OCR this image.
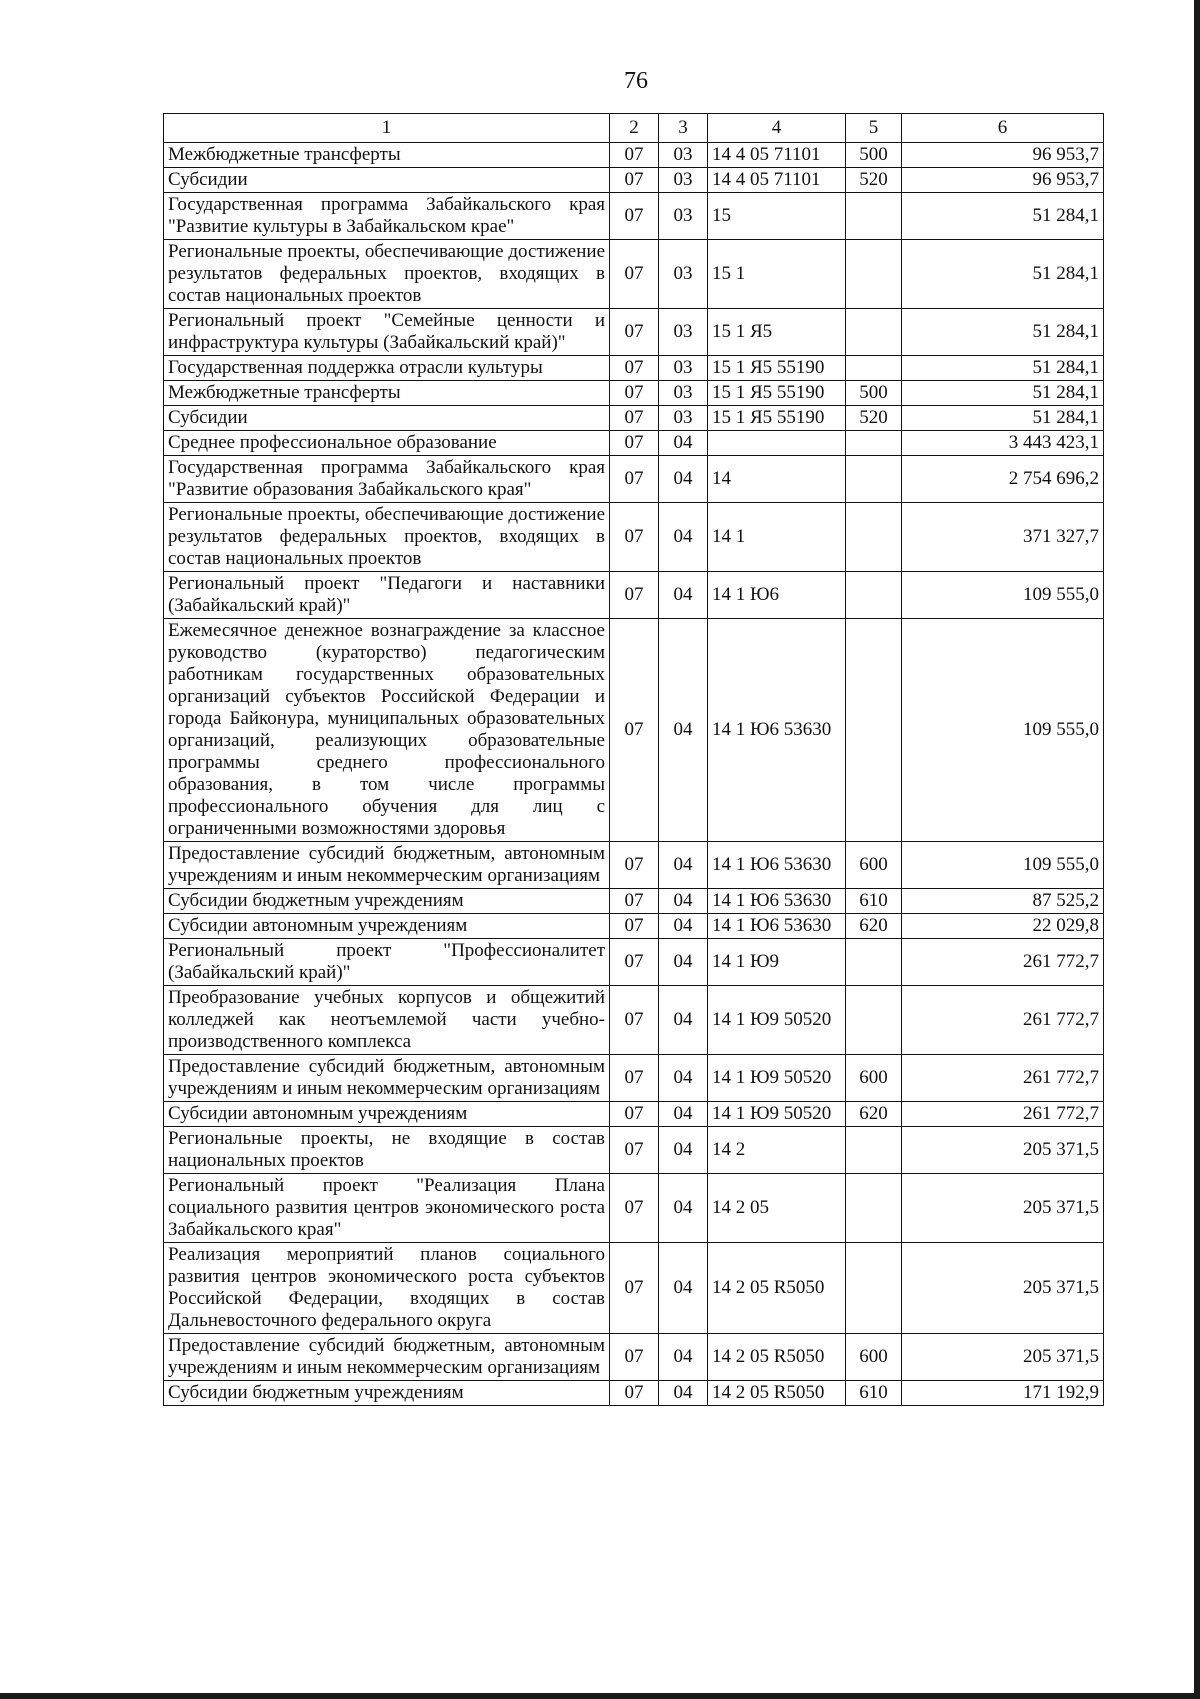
76
1	2	3	4	5	6
Межбюджетные трансферты	07	03	14 4 05 71101	500	96 953,7
Субсидии	07	03	14 4 05 71101	520	96 953,7
Государственная программа Забайкальского края "Развитие культуры в Забайкальском крае"	07	03	15		51 284,1
Региональные проекты, обеспечивающие достижение результатов федеральных проектов, входящих в состав национальных проектов	07	03	15 1		51 284,1
Региональный проект "Семейные ценности и инфраструктура культуры (Забайкальский край)"	07	03	15 1 Я5		51 284,1
Государственная поддержка отрасли культуры	07	03	15 1 Я5 55190		51 284,1
Межбюджетные трансферты	07	03	15 1 Я5 55190	500	51 284,1
Субсидии	07	03	15 1 Я5 55190	520	51 284,1
Среднее профессиональное образование	07	04			3 443 423,1
Государственная программа Забайкальского края "Развитие образования Забайкальского края"	07	04	14		2 754 696,2
Региональные проекты, обеспечивающие достижение результатов федеральных проектов, входящих в состав национальных проектов	07	04	14 1		371 327,7
Региональный проект "Педагоги и наставники (Забайкальский край)"	07	04	14 1 Ю6		109 555,0
Ежемесячное денежное вознаграждение за классное руководство (кураторство) педагогическим работникам государственных образовательных организаций субъектов Российской Федерации и города Байконура, муниципальных образовательных организаций, реализующих образовательные программы среднего профессионального образования, в том числе программы профессионального обучения для лиц с ограниченными возможностями здоровья	07	04	14 1 Ю6 53630		109 555,0
Предоставление субсидий бюджетным, автономным учреждениям и иным некоммерческим организациям	07	04	14 1 Ю6 53630	600	109 555,0
Субсидии бюджетным учреждениям	07	04	14 1 Ю6 53630	610	87 525,2
Субсидии автономным учреждениям	07	04	14 1 Ю6 53630	620	22 029,8
Региональный проект "Профессионалитет (Забайкальский край)"	07	04	14 1 Ю9		261 772,7
Преобразование учебных корпусов и общежитий колледжей как неотъемлемой части учебно-производственного комплекса	07	04	14 1 Ю9 50520		261 772,7
Предоставление субсидий бюджетным, автономным учреждениям и иным некоммерческим организациям	07	04	14 1 Ю9 50520	600	261 772,7
Субсидии автономным учреждениям	07	04	14 1 Ю9 50520	620	261 772,7
Региональные проекты, не входящие в состав национальных проектов	07	04	14 2		205 371,5
Региональный проект "Реализация Плана социального развития центров экономического роста Забайкальского края"	07	04	14 2 05		205 371,5
Реализация мероприятий планов социального развития центров экономического роста субъектов Российской Федерации, входящих в состав Дальневосточного федерального округа	07	04	14 2 05 R5050		205 371,5
Предоставление субсидий бюджетным, автономным учреждениям и иным некоммерческим организациям	07	04	14 2 05 R5050	600	205 371,5
Субсидии бюджетным учреждениям	07	04	14 2 05 R5050	610	171 192,9
